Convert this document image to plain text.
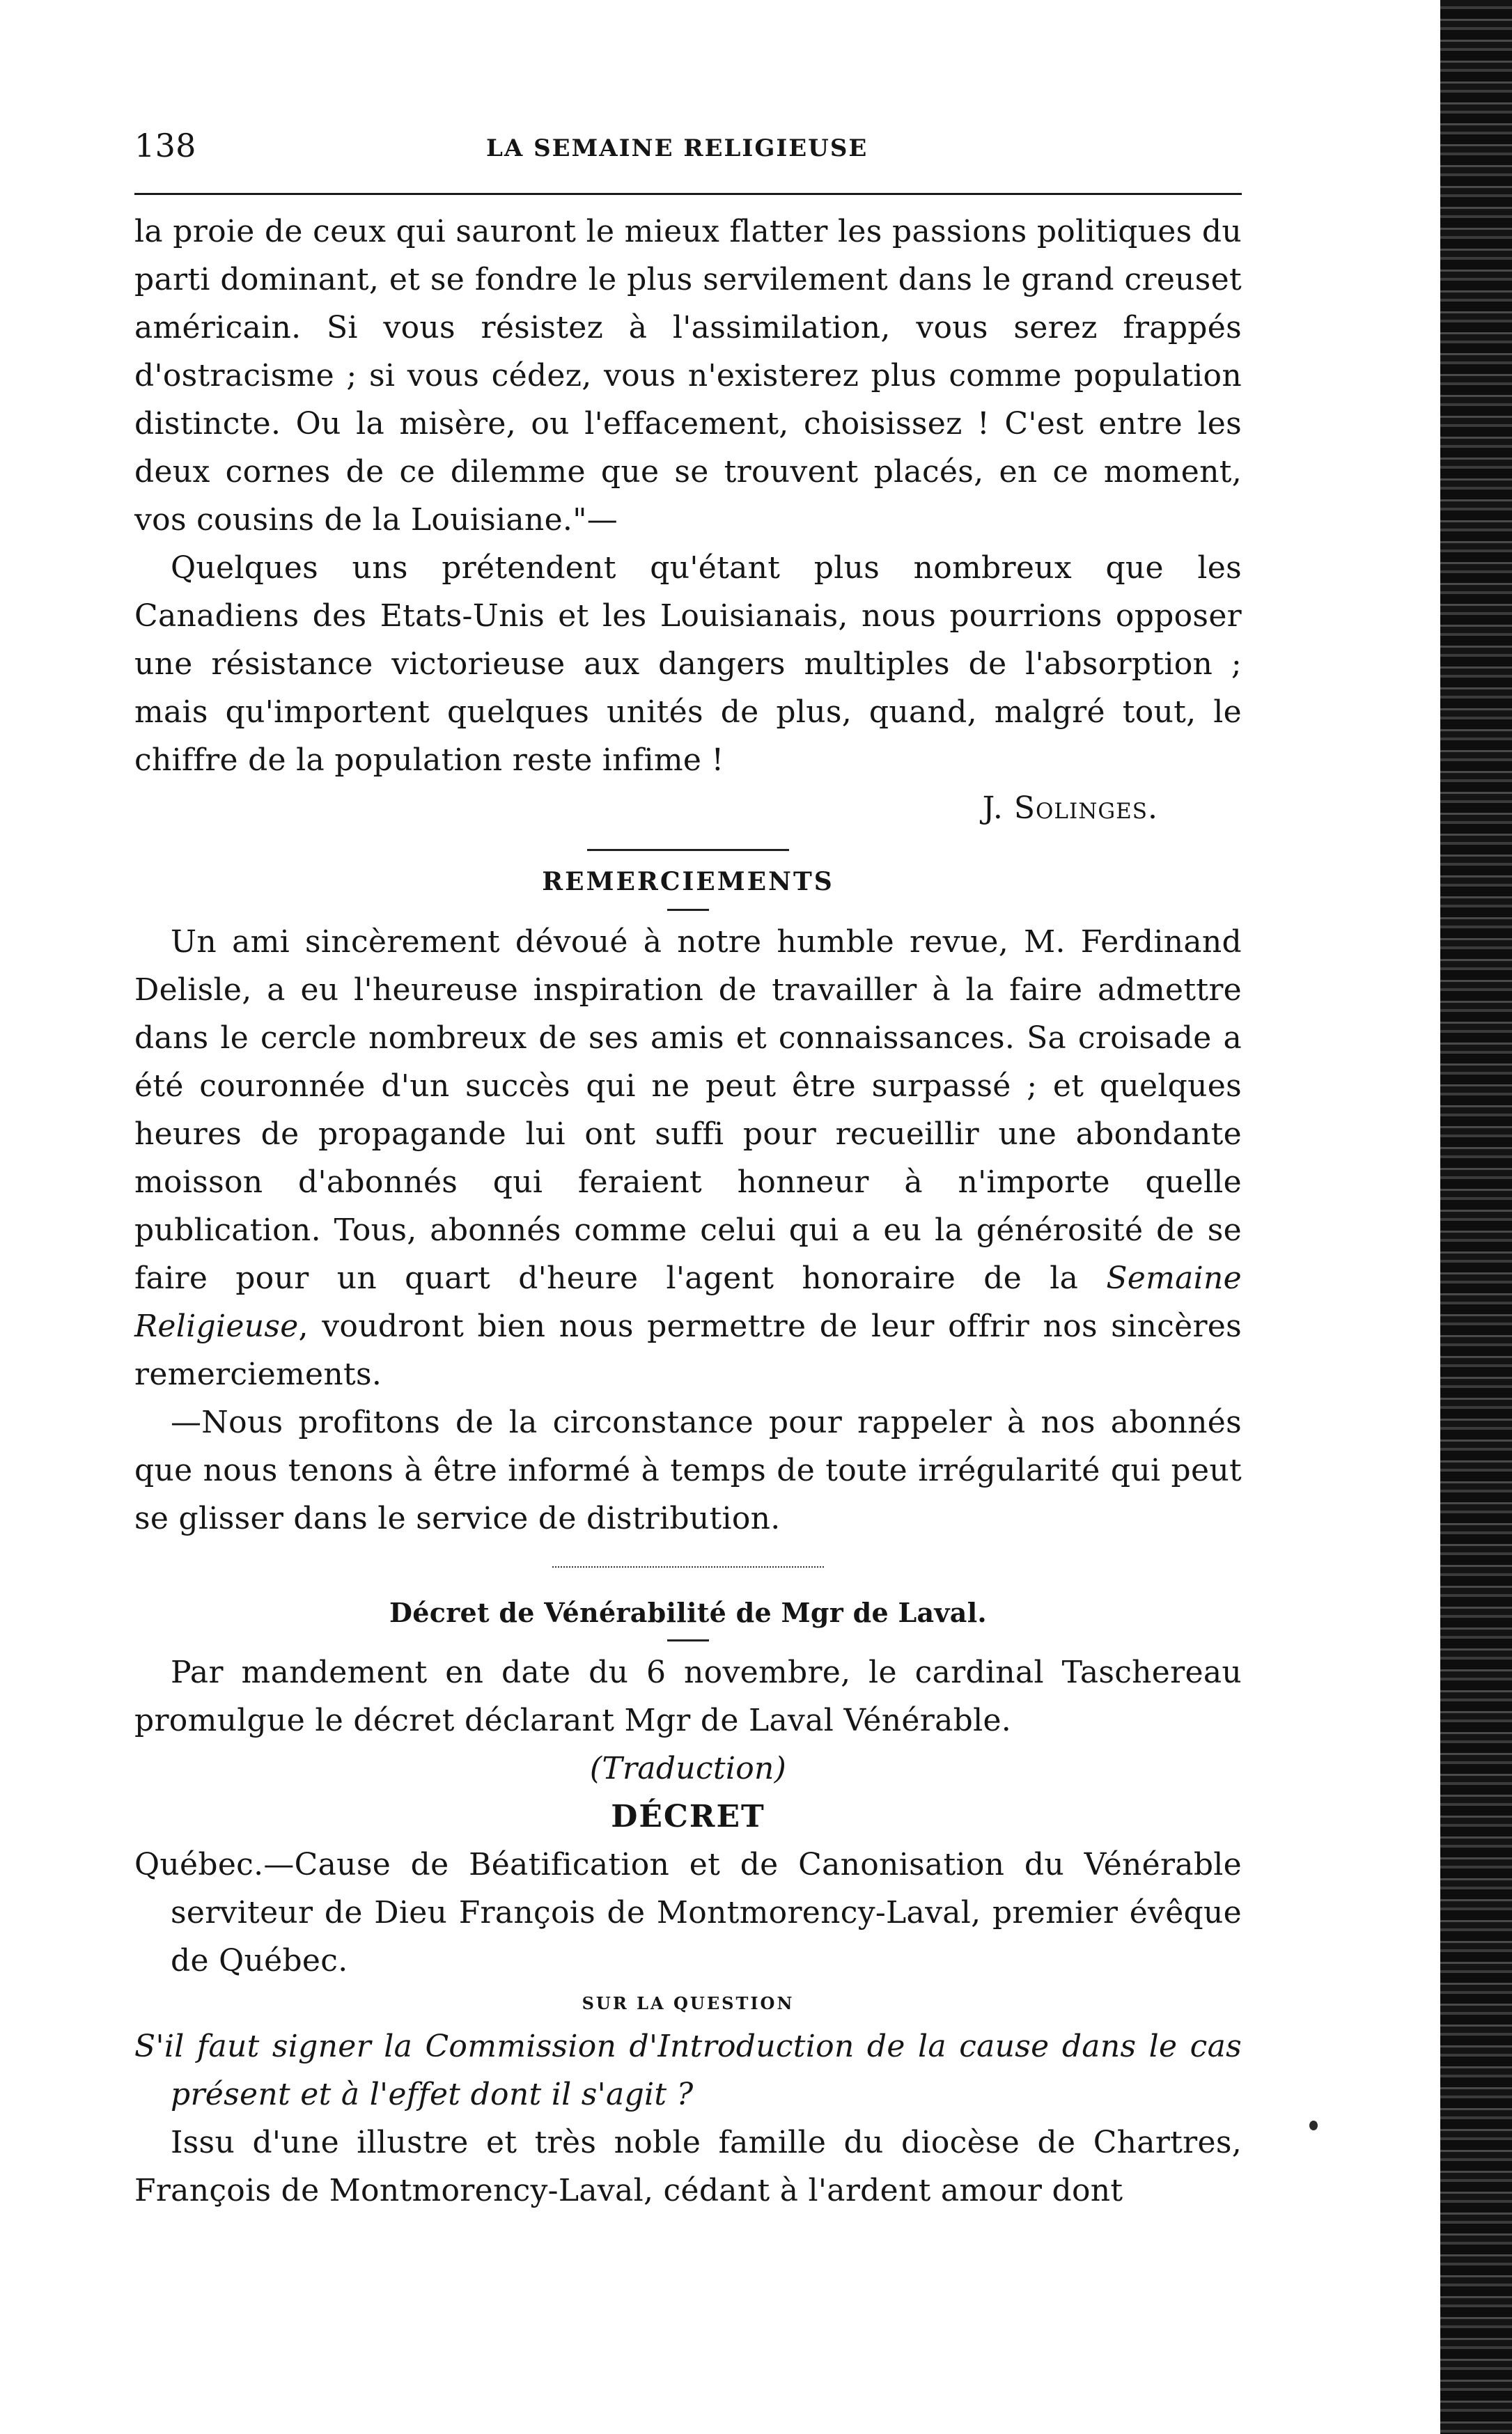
138	LA SEMAINE RELIGIEUSE

la proie de ceux qui sauront le mieux flatter les passions politiques du parti dominant, et se fondre le plus servilement dans le grand creuset américain. Si vous résistez à l'assimilation, vous serez frappés d'ostracisme ; si vous cédez, vous n'existerez plus comme population distincte. Ou la misère, ou l'effacement, choisissez ! C'est entre les deux cornes de ce dilemme que se trouvent placés, en ce moment, vos cousins de la Louisiane."—

Quelques uns prétendent qu'étant plus nombreux que les Canadiens des Etats-Unis et les Louisianais, nous pourrions opposer une résistance victorieuse aux dangers multiples de l'absorption ; mais qu'importent quelques unités de plus, quand, malgré tout, le chiffre de la population reste infime !

J. Solinges.

REMERCIEMENTS

Un ami sincèrement dévoué à notre humble revue, M. Ferdinand Delisle, a eu l'heureuse inspiration de travailler à la faire admettre dans le cercle nombreux de ses amis et connaissances. Sa croisade a été couronnée d'un succès qui ne peut être surpassé ; et quelques heures de propagande lui ont suffi pour recueillir une abondante moisson d'abonnés qui feraient honneur à n'importe quelle publication. Tous, abonnés comme celui qui a eu la générosité de se faire pour un quart d'heure l'agent honoraire de la Semaine Religieuse, voudront bien nous permettre de leur offrir nos sincères remerciements.

—Nous profitons de la circonstance pour rappeler à nos abonnés que nous tenons à être informé à temps de toute irrégularité qui peut se glisser dans le service de distribution.

Décret de Vénérabilité de Mgr de Laval.

Par mandement en date du 6 novembre, le cardinal Taschereau promulgue le décret déclarant Mgr de Laval Vénérable.

(Traduction)
DÉCRET

Québec.—Cause de Béatification et de Canonisation du Vénérable serviteur de Dieu François de Montmorency-Laval, premier évêque de Québec.

SUR LA QUESTION

S'il faut signer la Commission d'Introduction de la cause dans le cas présent et à l'effet dont il s'agit ?

Issu d'une illustre et très noble famille du diocèse de Chartres, François de Montmorency-Laval, cédant à l'ardent amour dont
